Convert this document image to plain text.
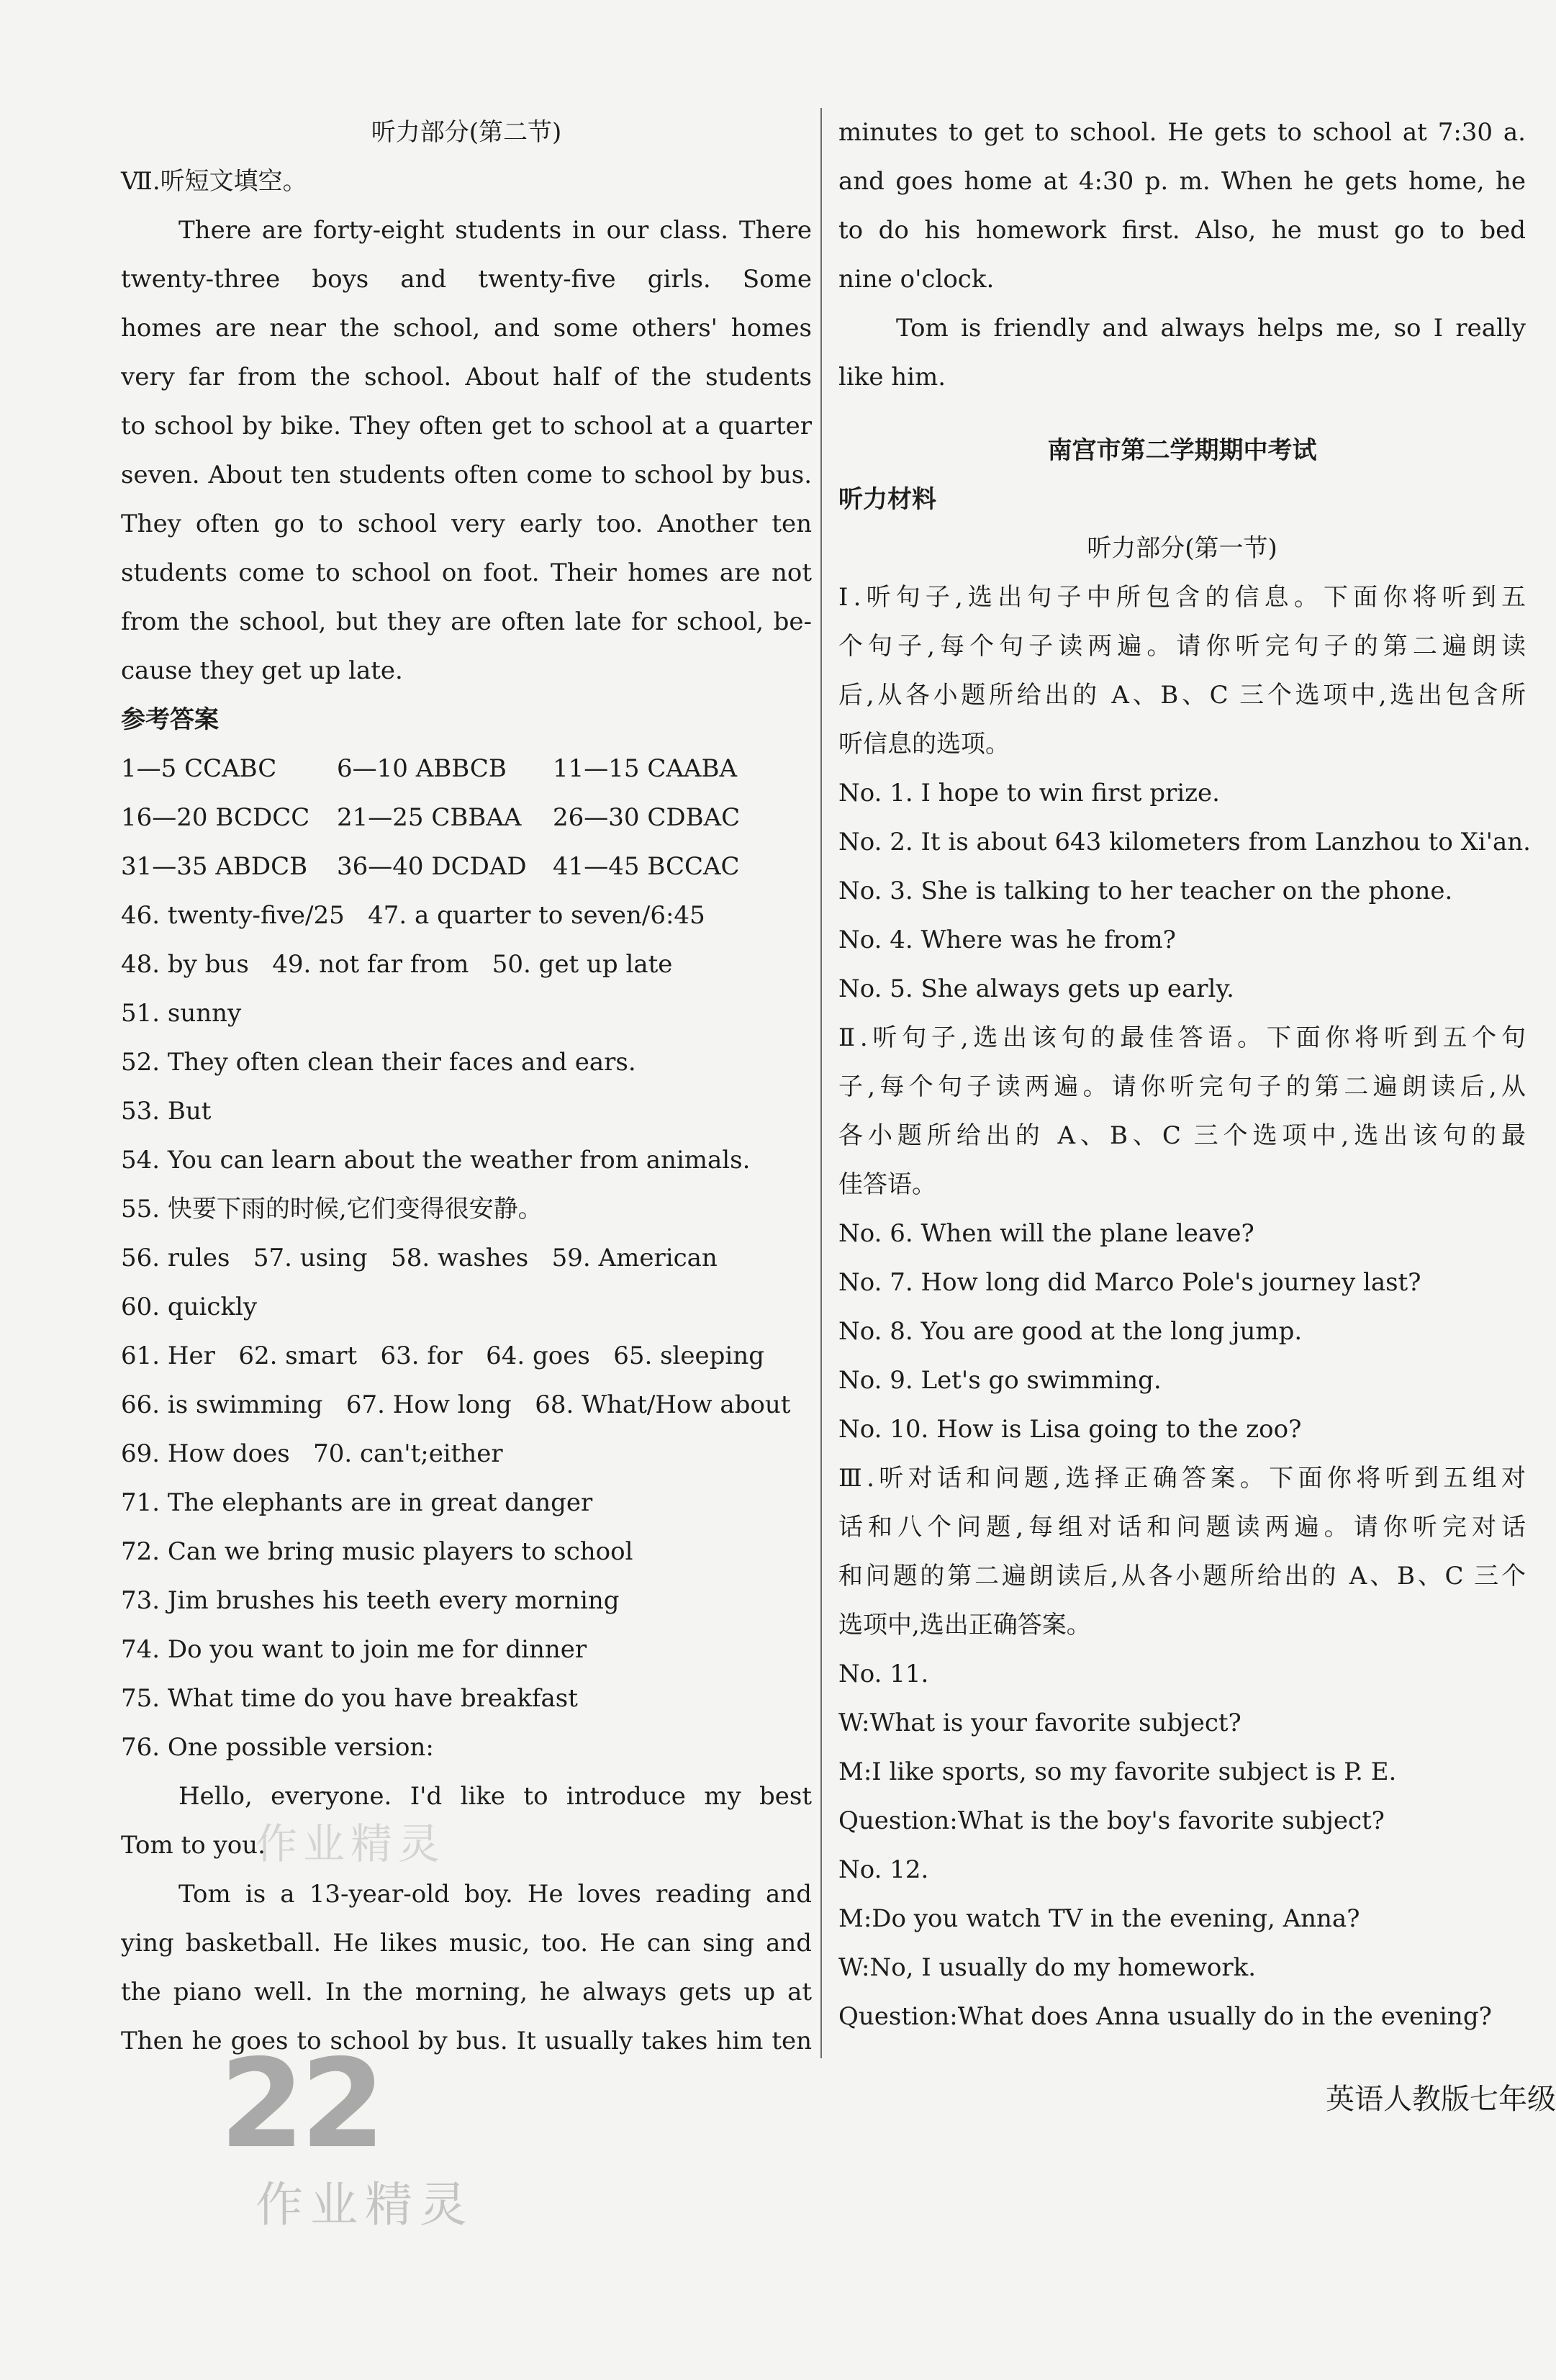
听力部分(第二节)
Ⅶ.听短文填空。
There are forty-eight students in our class. There
twenty-three boys and twenty-five girls. Some
homes are near the school, and some others' homes
very far from the school. About half of the students
to school by bike. They often get to school at a quarter
seven. About ten students often come to school by bus.
They often go to school very early too. Another ten
students come to school on foot. Their homes are not
from the school, but they are often late for school, be-
cause they get up late.
参考答案
1—5 CCABC	6—10 ABBCB	11—15 CAABA
16—20 BCDCC	21—25 CBBAA	26—30 CDBAC
31—35 ABDCB	36—40 DCDAD	41—45 BCCAC
46. twenty-five/25   47. a quarter to seven/6:45
48. by bus   49. not far from   50. get up late
51. sunny
52. They often clean their faces and ears.
53. But
54. You can learn about the weather from animals.
55. 快要下雨的时候,它们变得很安静。
56. rules   57. using   58. washes   59. American
60. quickly
61. Her   62. smart   63. for   64. goes   65. sleeping
66. is swimming   67. How long   68. What/How about
69. How does   70. can't;either
71. The elephants are in great danger
72. Can we bring music players to school
73. Jim brushes his teeth every morning
74. Do you want to join me for dinner
75. What time do you have breakfast
76. One possible version:
Hello, everyone. I'd like to introduce my best
Tom to you.
Tom is a 13-year-old boy. He loves reading and
ying basketball. He likes music, too. He can sing and
the piano well. In the morning, he always gets up at
Then he goes to school by bus. It usually takes him ten
minutes to get to school. He gets to school at 7:30 a.
and goes home at 4:30 p. m. When he gets home, he
to do his homework first. Also, he must go to bed
nine o'clock.
Tom is friendly and always helps me, so I really
like him.
南宫市第二学期期中考试
听力材料
听力部分(第一节)
Ⅰ.听句子,选出句子中所包含的信息。下面你将听到五
个句子,每个句子读两遍。请你听完句子的第二遍朗读
后,从各小题所给出的 A、B、C 三个选项中,选出包含所
听信息的选项。
No. 1. I hope to win first prize.
No. 2. It is about 643 kilometers from Lanzhou to Xi'an.
No. 3. She is talking to her teacher on the phone.
No. 4. Where was he from?
No. 5. She always gets up early.
Ⅱ.听句子,选出该句的最佳答语。下面你将听到五个句
子,每个句子读两遍。请你听完句子的第二遍朗读后,从
各小题所给出的 A、B、C 三个选项中,选出该句的最
佳答语。
No. 6. When will the plane leave?
No. 7. How long did Marco Pole's journey last?
No. 8. You are good at the long jump.
No. 9. Let's go swimming.
No. 10. How is Lisa going to the zoo?
Ⅲ.听对话和问题,选择正确答案。下面你将听到五组对
话和八个问题,每组对话和问题读两遍。请你听完对话
和问题的第二遍朗读后,从各小题所给出的 A、B、C 三个
选项中,选出正确答案。
No. 11.
W:What is your favorite subject?
M:I like sports, so my favorite subject is P. E.
Question:What is the boy's favorite subject?
No. 12.
M:Do you watch TV in the evening, Anna?
W:No, I usually do my homework.
Question:What does Anna usually do in the evening?
作业精灵
22
作业精灵
英语人教版七年级
